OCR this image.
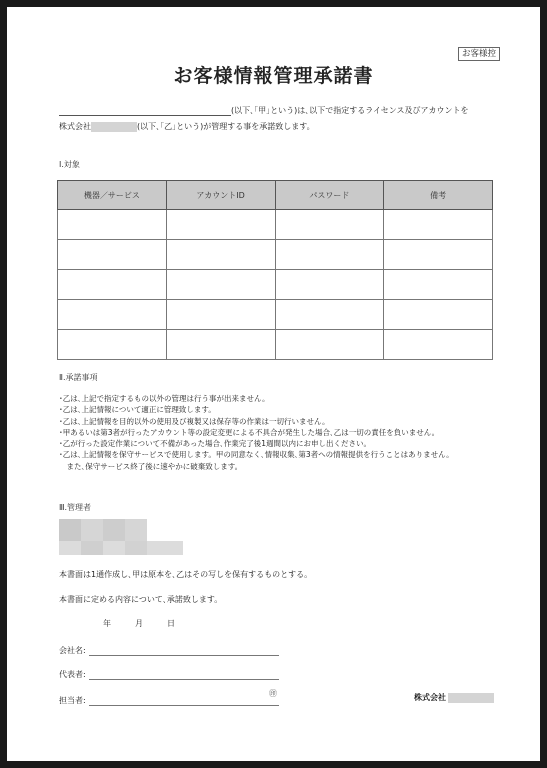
お客様控
お客様情報管理承諾書
(以下､｢甲｣という)は､以下で指定するライセンス及びアカウントを
株式会社	(以下､｢乙｣という)が管理する事を承諾致します。
Ⅰ.対象
機器／サービス	アカウントID	パスワード	備考

Ⅱ.承諾事項
･乙は､上記で指定するもの以外の管理は行う事が出来ません。
･乙は､上記情報について適正に管理致します。
･乙は､上記情報を目的以外の使用及び複製又は保存等の作業は一切行いません。
･甲あるいは第3者が行ったアカウント等の設定変更による不具合が発生した場合､乙は一切の責任を負いません。
･乙が行った設定作業について不備があった場合､作業完了後1週間以内にお申し出ください。
･乙は､上記情報を保守サービスで使用します。甲の同意なく､情報収集､第3者への情報提供を行うことはありません。
　また､保守サービス終了後に速やかに破棄致します。
Ⅲ.管理者
本書面は1通作成し､甲は原本を､乙はその写しを保有するものとする。
本書面に定める内容について､承諾致します。
年	月	日
会社名:
代表者:
担当者:
㊞	株式会社
